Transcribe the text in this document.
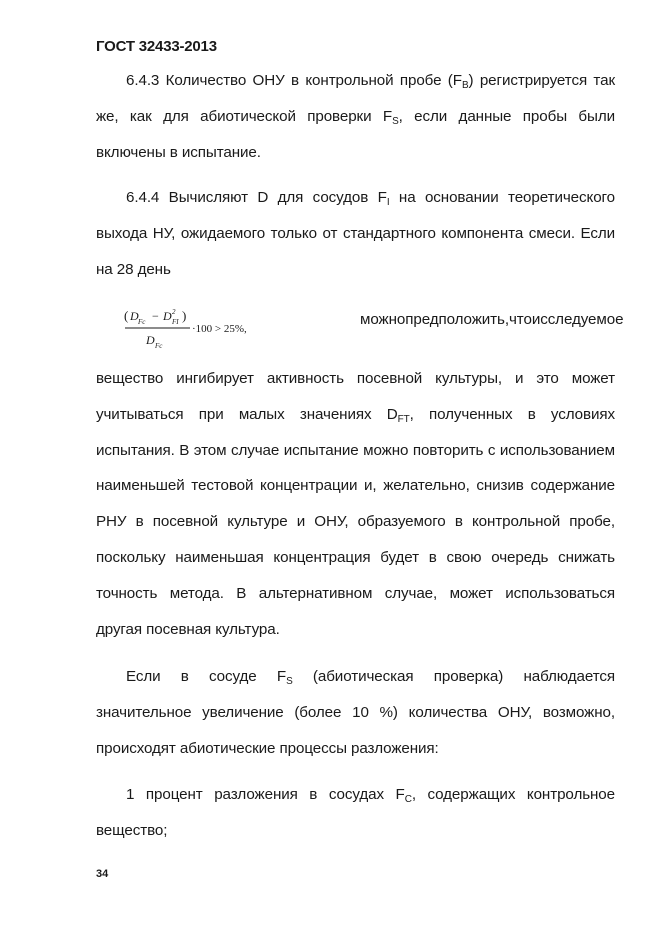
ГОСТ 32433-2013

6.4.3 Количество ОНУ в контрольной пробе $(F_B)$ регистрируется так же, как для абиотической проверки $F_S$, если данные пробы были включены в испытание.

6.4.4 Вычисляют D для сосудов $F_I$ на основании теоретического выхода НУ, ожидаемого только от стандартного компонента смеси. Если на 28 день

( D Fc − D 2
FI )
D Fc
·100 > 25%,
можно предположить, что исследуемое

вещество ингибирует активность посевной культуры, и это может учитываться при малых значениях $D_{FT}$, полученных в условиях испытания. В этом случае испытание можно повторить с использованием наименьшей тестовой концентрации и, желательно, снизив содержание РНУ в посевной культуре и ОНУ, образуемого в контрольной пробе, поскольку наименьшая концентрация будет в свою очередь снижать точность метода. В альтернативном случае, может использоваться другая посевная культура.

Если в сосуде $F_S$ (абиотическая проверка) наблюдается значительное увеличение (более 10 %) количества ОНУ, возможно, происходят абиотические процессы разложения:

1 процент разложения в сосудах $F_C$, содержащих контрольное вещество;

34
